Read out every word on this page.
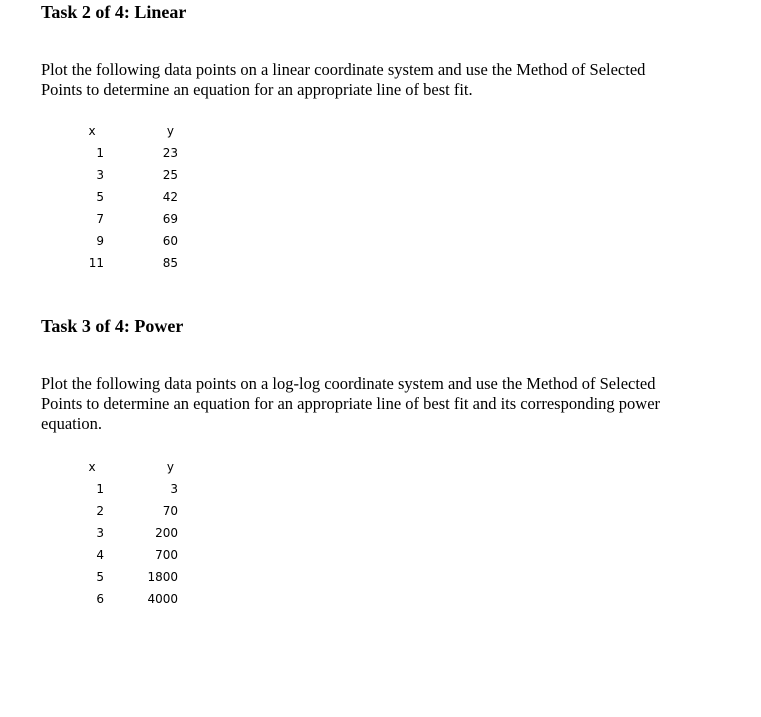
Task 2 of 4: Linear
Plot the following data points on a linear coordinate system and use the Method of Selected
Points to determine an equation for an appropriate line of best fit.
x
1
3
5
7
9
11
y
23
25
42
69
60
85
Task 3 of 4: Power
Plot the following data points on a log-log coordinate system and use the Method of Selected
Points to determine an equation for an appropriate line of best fit and its corresponding power
equation.
x
1
2
3
4
5
6
y
3
70
200
700
1800
4000
